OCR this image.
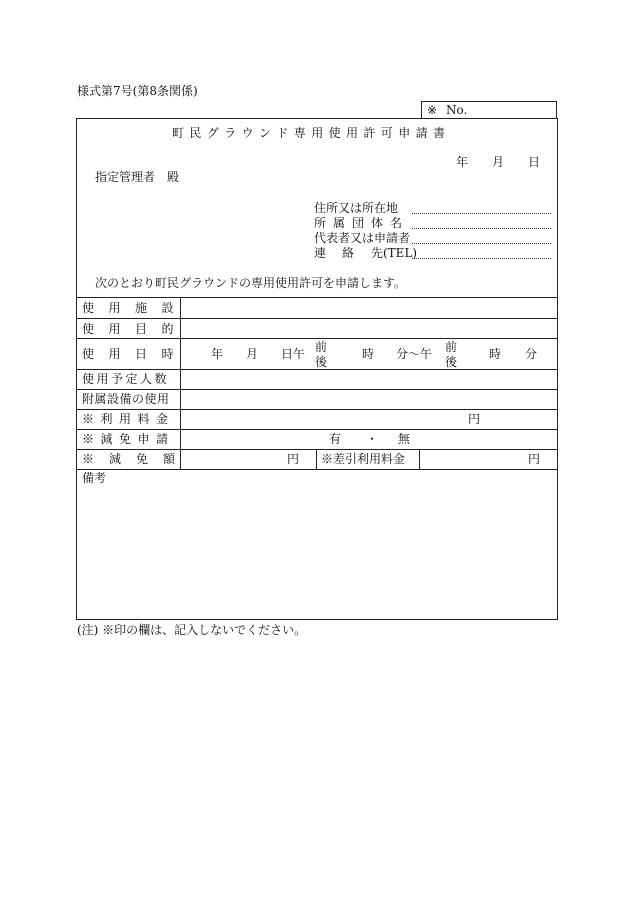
様式第7号(第8条関係)
※ No.
町民グラウンド専用使用許可申請書
年 月 日
指定管理者　殿
住所又は所在地
所属団体名
代表者又は申請者
連 絡 先(TEL)
次のとおり町民グラウンドの専用使用許可を申請します。
使用施設
使用目的
使用日時
使用予定人数
附属設備の使用
※利用料金
※減免申請
※減免額
年 月 日午 前
後
時 分〜午 前
後
時 分
円
有 ・ 無
円 ※差引利用料金	円
備考
(注) ※印の欄は、記入しないでください。
